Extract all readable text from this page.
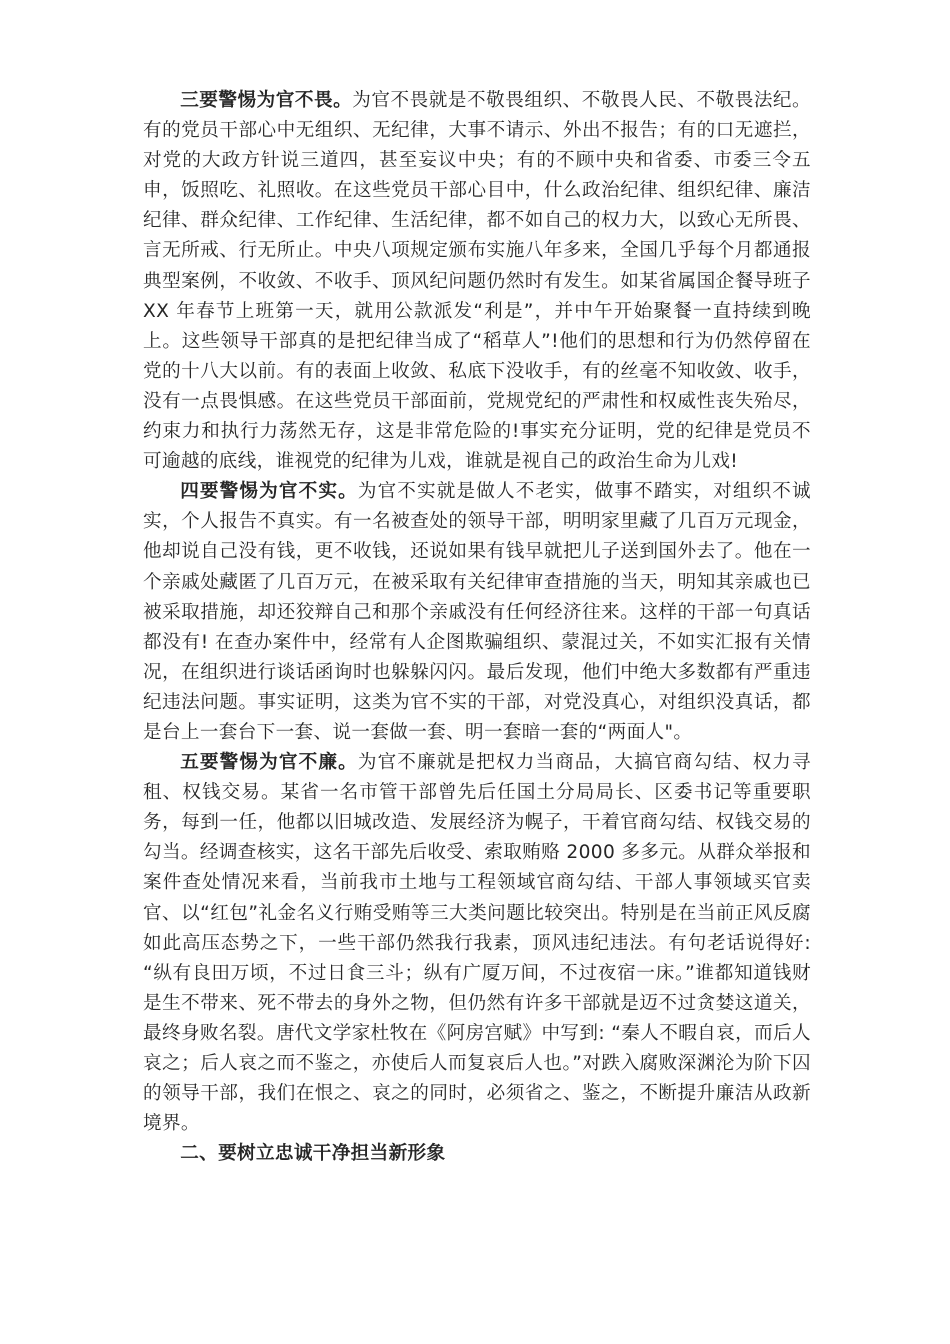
三要警惕为官不畏。为官不畏就是不敬畏组织、不敬畏人民、不敬畏法纪。有的党员干部心中无组织、无纪律，大事不请示、外出不报告；有的口无遮拦，对党的大政方针说三道四，甚至妄议中央；有的不顾中央和省委、市委三令五申，饭照吃、礼照收。在这些党员干部心目中，什么政治纪律、组织纪律、廉洁纪律、群众纪律、工作纪律、生活纪律，都不如自己的权力大，以致心无所畏、言无所戒、行无所止。中央八项规定颁布实施八年多来，全国几乎每个月都通报典型案例，不收敛、不收手、顶风纪问题仍然时有发生。如某省属国企餐导班子 XX 年春节上班第一天，就用公款派发“利是”，并中午开始聚餐一直持续到晚上。这些领导干部真的是把纪律当成了“稻草人”!他们的思想和行为仍然停留在党的十八大以前。有的表面上收敛、私底下没收手，有的丝毫不知收敛、收手，没有一点畏惧感。在这些党员干部面前，党规党纪的严肃性和权威性丧失殆尽，约束力和执行力荡然无存，这是非常危险的!事实充分证明，党的纪律是党员不可逾越的底线，谁视党的纪律为儿戏，谁就是视自己的政治生命为儿戏!

四要警惕为官不实。为官不实就是做人不老实，做事不踏实，对组织不诚实，个人报告不真实。有一名被查处的领导干部，明明家里藏了几百万元现金，他却说自己没有钱，更不收钱，还说如果有钱早就把儿子送到国外去了。他在一个亲戚处藏匿了几百万元，在被采取有关纪律审查措施的当天，明知其亲戚也已被采取措施，却还狡辩自己和那个亲戚没有任何经济往来。这样的干部一句真话都没有! 在查办案件中，经常有人企图欺骗组织、蒙混过关，不如实汇报有关情况，在组织进行谈话函询时也躲躲闪闪。最后发现，他们中绝大多数都有严重违纪违法问题。事实证明，这类为官不实的干部，对党没真心，对组织没真话，都是台上一套台下一套、说一套做一套、明一套暗一套的“两面人"。

五要警惕为官不廉。为官不廉就是把权力当商品，大搞官商勾结、权力寻租、权钱交易。某省一名市管干部曾先后任国土分局局长、区委书记等重要职务，每到一任，他都以旧城改造、发展经济为幌子，干着官商勾结、权钱交易的勾当。经调查核实，这名干部先后收受、索取贿赂 2000 多多元。从群众举报和案件查处情况来看，当前我市土地与工程领域官商勾结、干部人事领域买官卖官、以“红包”礼金名义行贿受贿等三大类问题比较突出。特别是在当前正风反腐如此高压态势之下，一些干部仍然我行我素，顶风违纪违法。有句老话说得好: “纵有良田万顷，不过日食三斗；纵有广厦万间，不过夜宿一床。”谁都知道钱财是生不带来、死不带去的身外之物，但仍然有许多干部就是迈不过贪婪这道关，最终身败名裂。唐代文学家杜牧在《阿房宫赋》中写到: “秦人不暇自哀，而后人哀之；后人哀之而不鉴之，亦使后人而复哀后人也。”对跌入腐败深渊沦为阶下囚的领导干部，我们在恨之、哀之的同时，必须省之、鉴之，不断提升廉洁从政新境界。

二、要树立忠诚干净担当新形象
